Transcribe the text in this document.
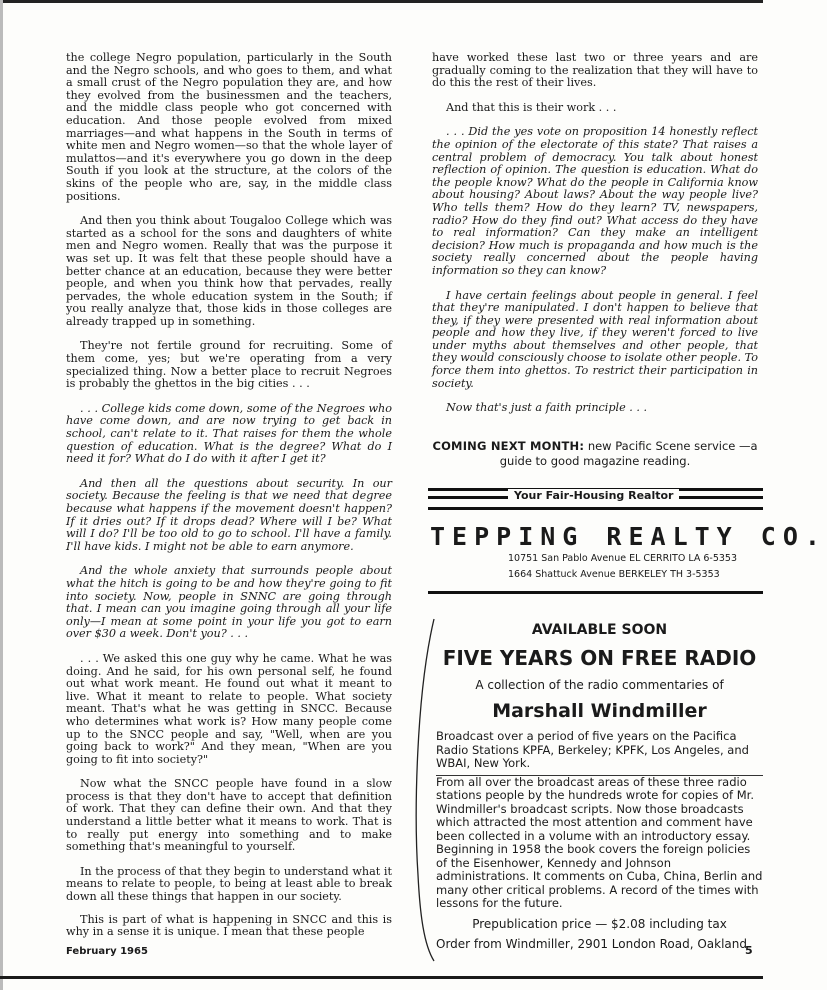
the college Negro population, particularly in the South and the Negro schools, and who goes to them, and what a small crust of the Negro population they are, and how they evolved from the businessmen and the teachers, and the middle class people who got concerned with education. And those people evolved from mixed marriages—and what happens in the South in terms of white men and Negro women—so that the whole layer of mulattos—and it's everywhere you go down in the deep South if you look at the structure, at the colors of the skins of the people who are, say, in the middle class positions.

And then you think about Tougaloo College which was started as a school for the sons and daughters of white men and Negro women. Really that was the purpose it was set up. It was felt that these people should have a better chance at an education, because they were better people, and when you think how that pervades, really pervades, the whole education system in the South; if you really analyze that, those kids in those colleges are already trapped up in something.

They're not fertile ground for recruiting. Some of them come, yes; but we're operating from a very specialized thing. Now a better place to recruit Negroes is probably the ghettos in the big cities . . .

. . . College kids come down, some of the Negroes who have come down, and are now trying to get back in school, can't relate to it. That raises for them the whole question of education. What is the degree? What do I need it for? What do I do with it after I get it?

And then all the questions about security. In our society. Because the feeling is that we need that degree because what happens if the movement doesn't happen? If it dries out? If it drops dead? Where will I be? What will I do? I'll be too old to go to school. I'll have a family. I'll have kids. I might not be able to earn anymore.

And the whole anxiety that surrounds people about what the hitch is going to be and how they're going to fit into society. Now, people in SNNC are going through that. I mean can you imagine going through all your life only—I mean at some point in your life you got to earn over $30 a week. Don't you? . . .

. . . We asked this one guy why he came. What he was doing. And he said, for his own personal self, he found out what work meant. He found out what it meant to live. What it meant to relate to people. What society meant. That's what he was getting in SNCC. Because who determines what work is? How many people come up to the SNCC people and say, "Well, when are you going back to work?" And they mean, "When are you going to fit into society?"

Now what the SNCC people have found in a slow process is that they don't have to accept that definition of work. That they can define their own. And that they understand a little better what it means to work. That is to really put energy into something and to make something that's meaningful to yourself.

In the process of that they begin to understand what it means to relate to people, to being at least able to break down all these things that happen in our society.

This is part of what is happening in SNCC and this is why in a sense it is unique. I mean that these people

have worked these last two or three years and are gradually coming to the realization that they will have to do this the rest of their lives.

And that this is their work . . .

. . . Did the yes vote on proposition 14 honestly reflect the opinion of the electorate of this state? That raises a central problem of democracy. You talk about honest reflection of opinion. The question is education. What do the people know? What do the people in California know about housing? About laws? About the way people live? Who tells them? How do they learn? TV, newspapers, radio? How do they find out? What access do they have to real information? Can they make an intelligent decision? How much is propaganda and how much is the society really concerned about the people having information so they can know?

I have certain feelings about people in general. I feel that they're manipulated. I don't happen to believe that they, if they were presented with real information about people and how they live, if they weren't forced to live under myths about themselves and other people, that they would consciously choose to isolate other people. To force them into ghettos. To restrict their participation in society.

Now that's just a faith principle . . .

COMING NEXT MONTH: new Pacific Scene service —a guide to good magazine reading.
Your Fair-Housing Realtor
TEPPING REALTY CO.
10751 San Pablo Avenue EL CERRITO LA 6-5353
1664 Shattuck Avenue BERKELEY TH 3-5353
AVAILABLE SOON
FIVE YEARS ON FREE RADIO
A collection of the radio commentaries of
Marshall Windmiller
Broadcast over a period of five years on the Pacifica Radio Stations KPFA, Berkeley; KPFK, Los Angeles, and WBAI, New York.
From all over the broadcast areas of these three radio stations people by the hundreds wrote for copies of Mr. Windmiller's broadcast scripts. Now those broadcasts which attracted the most attention and comment have been collected in a volume with an introductory essay. Beginning in 1958 the book covers the foreign policies of the Eisenhower, Kennedy and Johnson administrations. It comments on Cuba, China, Berlin and many other critical problems. A record of the times with lessons for the future.
Prepublication price — $2.08 including tax
Order from Windmiller, 2901 London Road, Oakland
February 1965	5
